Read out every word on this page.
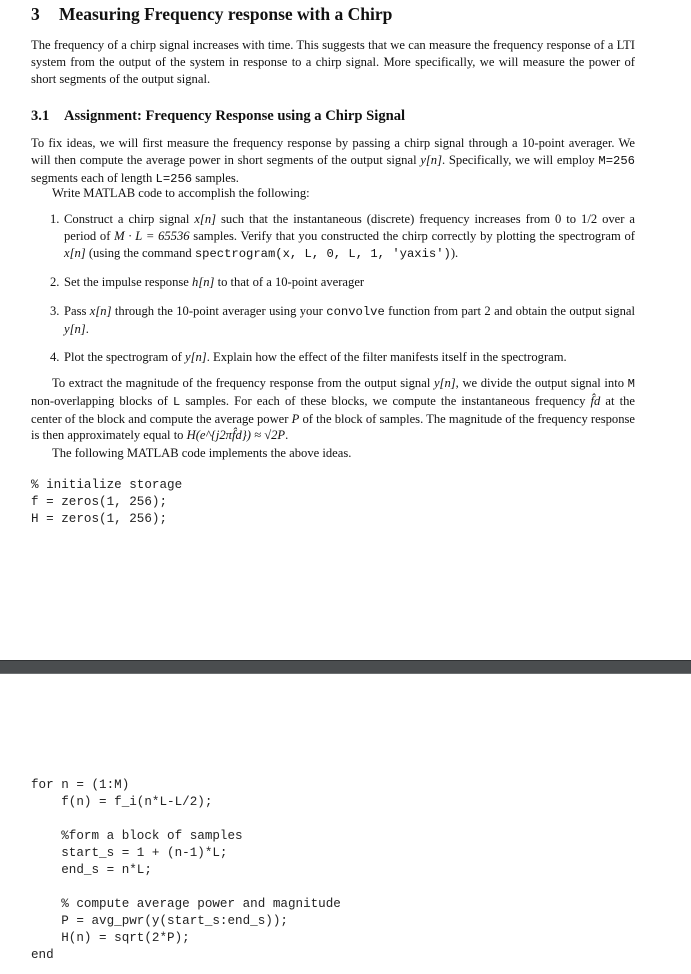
3 Measuring Frequency response with a Chirp
The frequency of a chirp signal increases with time. This suggests that we can measure the frequency response of a LTI system from the output of the system in response to a chirp signal. More specifically, we will measure the power of short segments of the output signal.
3.1 Assignment: Frequency Response using a Chirp Signal
To fix ideas, we will first measure the frequency response by passing a chirp signal through a 10-point averager. We will then compute the average power in short segments of the output signal y[n]. Specifically, we will employ M=256 segments each of length L=256 samples.
Write MATLAB code to accomplish the following:
1. Construct a chirp signal x[n] such that the instantaneous (discrete) frequency increases from 0 to 1/2 over a period of M · L = 65536 samples. Verify that you constructed the chirp correctly by plotting the spectrogram of x[n] (using the command spectrogram(x, L, 0, L, 1, 'yaxis')).
2. Set the impulse response h[n] to that of a 10-point averager
3. Pass x[n] through the 10-point averager using your convolve function from part 2 and obtain the output signal y[n].
4. Plot the spectrogram of y[n]. Explain how the effect of the filter manifests itself in the spectrogram.
To extract the magnitude of the frequency response from the output signal y[n], we divide the output signal into M non-overlapping blocks of L samples. For each of these blocks, we compute the instantaneous frequency f̂d at the center of the block and compute the average power P of the block of samples. The magnitude of the frequency response is then approximately equal to H(e^{j2πf̂d}) ≈ √2P.
The following MATLAB code implements the above ideas.
% initialize storage
f = zeros(1, 256);
H = zeros(1, 256);
for n = (1:M)
f(n) = f_i(n*L-L/2);

%form a block of samples
start_s = 1 + (n-1)*L;
end_s = n*L;

% compute average power and magnitude
P = avg_pwr(y(start_s:end_s));
H(n) = sqrt(2*P);
end
